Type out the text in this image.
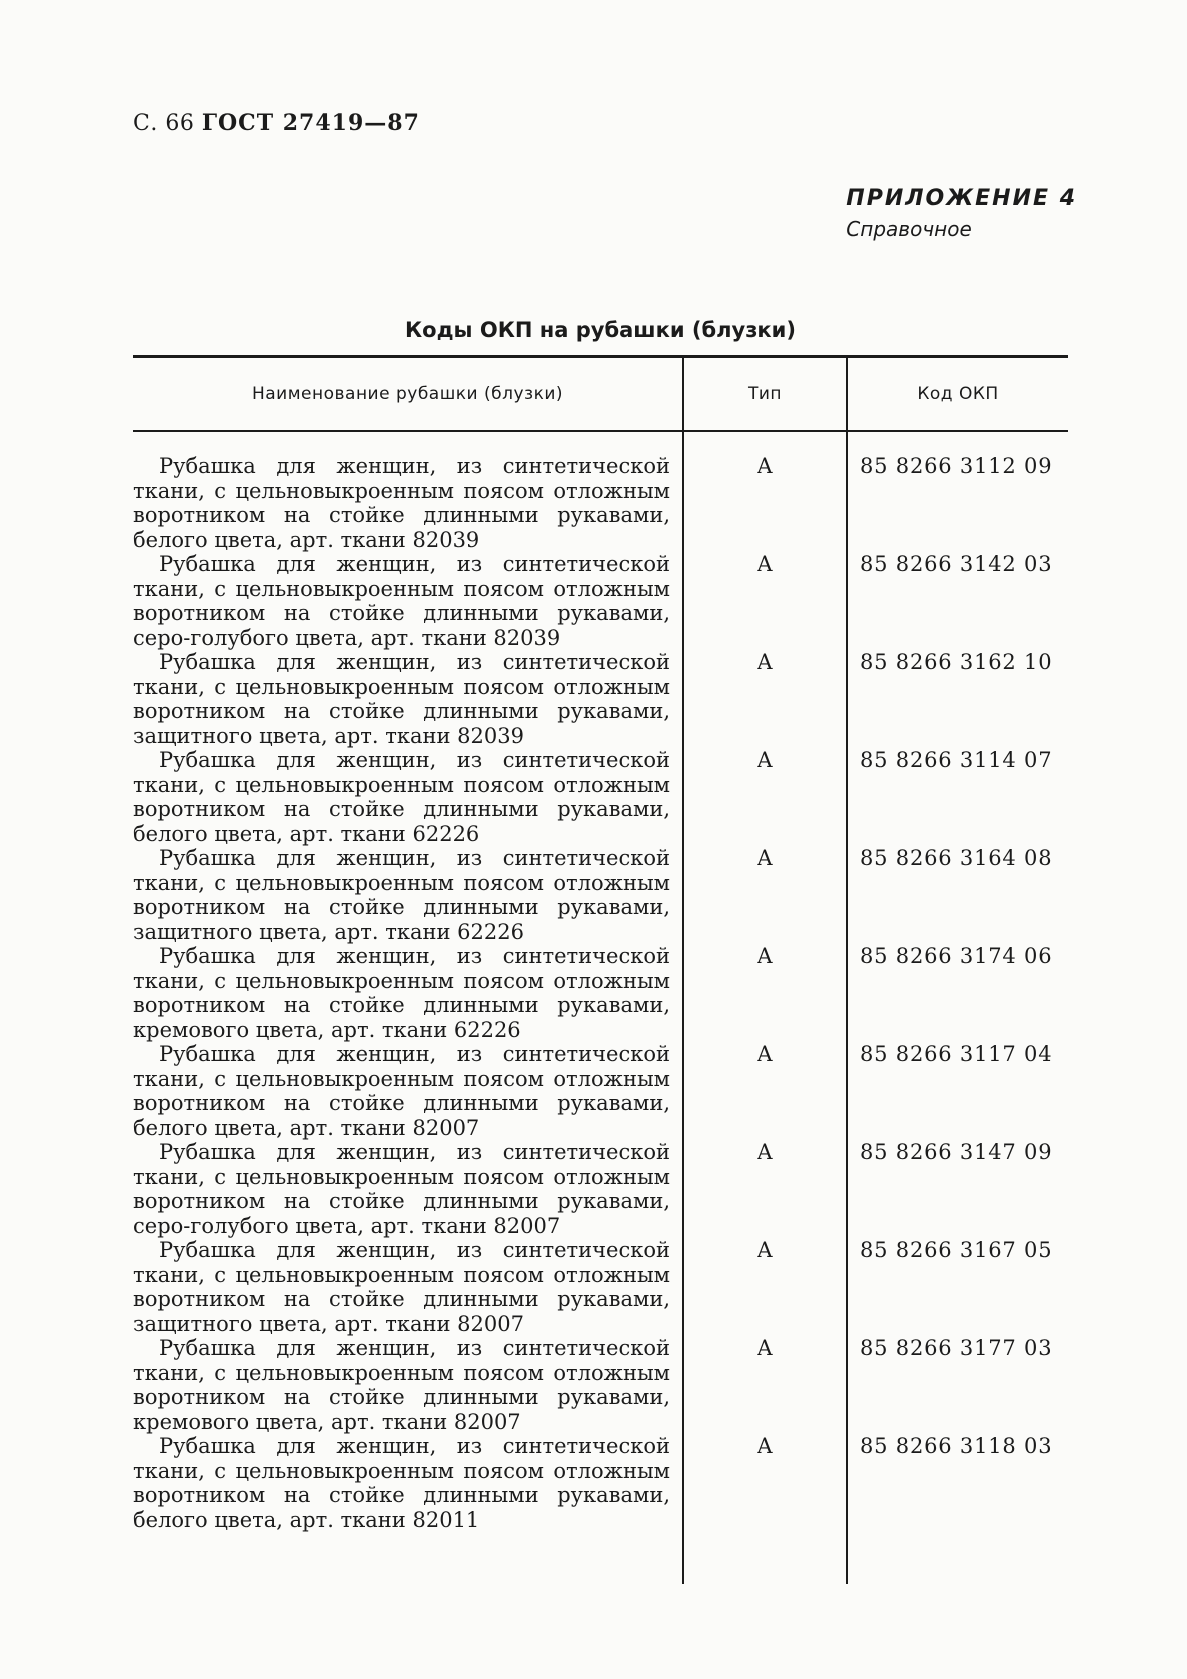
С. 66 ГОСТ 27419—87
ПРИЛОЖЕНИЕ 4
Справочное
Коды ОКП на рубашки (блузки)
Наименование рубашки (блузки)	Тип	Код ОКП
Рубашка для женщин, из синтетической ткани, с цельновыкроенным поясом отложным воротником на стойке длинными рукавами, белого цвета, арт. ткани 82039	А	85 8266 3112 09
Рубашка для женщин, из синтетической ткани, с цельновыкроенным поясом отложным воротником на стойке длинными рукавами, серо-голубого цвета, арт. ткани 82039	А	85 8266 3142 03
Рубашка для женщин, из синтетической ткани, с цельновыкроенным поясом отложным воротником на стойке длинными рукавами, защитного цвета, арт. ткани 82039	А	85 8266 3162 10
Рубашка для женщин, из синтетической ткани, с цельновыкроенным поясом отложным воротником на стойке длинными рукавами, белого цвета, арт. ткани 62226	А	85 8266 3114 07
Рубашка для женщин, из синтетической ткани, с цельновыкроенным поясом отложным воротником на стойке длинными рукавами, защитного цвета, арт. ткани 62226	А	85 8266 3164 08
Рубашка для женщин, из синтетической ткани, с цельновыкроенным поясом отложным воротником на стойке длинными рукавами, кремового цвета, арт. ткани 62226	А	85 8266 3174 06
Рубашка для женщин, из синтетической ткани, с цельновыкроенным поясом отложным воротником на стойке длинными рукавами, белого цвета, арт. ткани 82007	А	85 8266 3117 04
Рубашка для женщин, из синтетической ткани, с цельновыкроенным поясом отложным воротником на стойке длинными рукавами, серо-голубого цвета, арт. ткани 82007	А	85 8266 3147 09
Рубашка для женщин, из синтетической ткани, с цельновыкроенным поясом отложным воротником на стойке длинными рукавами, защитного цвета, арт. ткани 82007	А	85 8266 3167 05
Рубашка для женщин, из синтетической ткани, с цельновыкроенным поясом отложным воротником на стойке длинными рукавами, кремового цвета, арт. ткани 82007	А	85 8266 3177 03
Рубашка для женщин, из синтетической ткани, с цельновыкроенным поясом отложным воротником на стойке длинными рукавами, белого цвета, арт. ткани 82011	А	85 8266 3118 03
